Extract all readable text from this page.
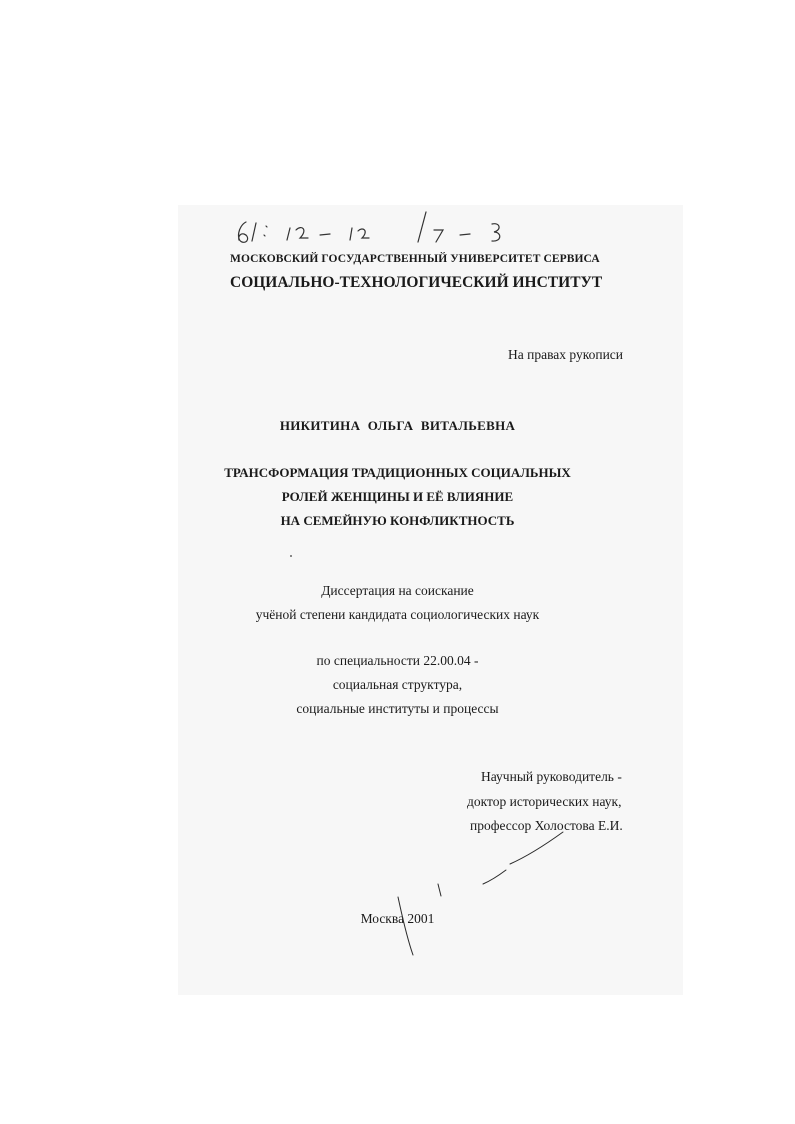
61: 12-1 2/7-3
МОСКОВСКИЙ ГОСУДАРСТВЕННЫЙ УНИВЕРСИТЕТ СЕРВИСА
СОЦИАЛЬНО-ТЕХНОЛОГИЧЕСКИЙ ИНСТИТУТ
На правах рукописи
НИКИТИНА ОЛЬГА ВИТАЛЬЕВНА
ТРАНСФОРМАЦИЯ ТРАДИЦИОННЫХ СОЦИАЛЬНЫХ
РОЛЕЙ ЖЕНЩИНЫ И ЕЁ ВЛИЯНИЕ
НА СЕМЕЙНУЮ КОНФЛИКТНОСТЬ
Диссертация на соискание
учёной степени кандидата социологических наук
по специальности 22.00.04 -
социальная структура,
социальные институты и процессы
Научный руководитель -
доктор исторических наук,
профессор Холостова Е.И.
Москва 2001
